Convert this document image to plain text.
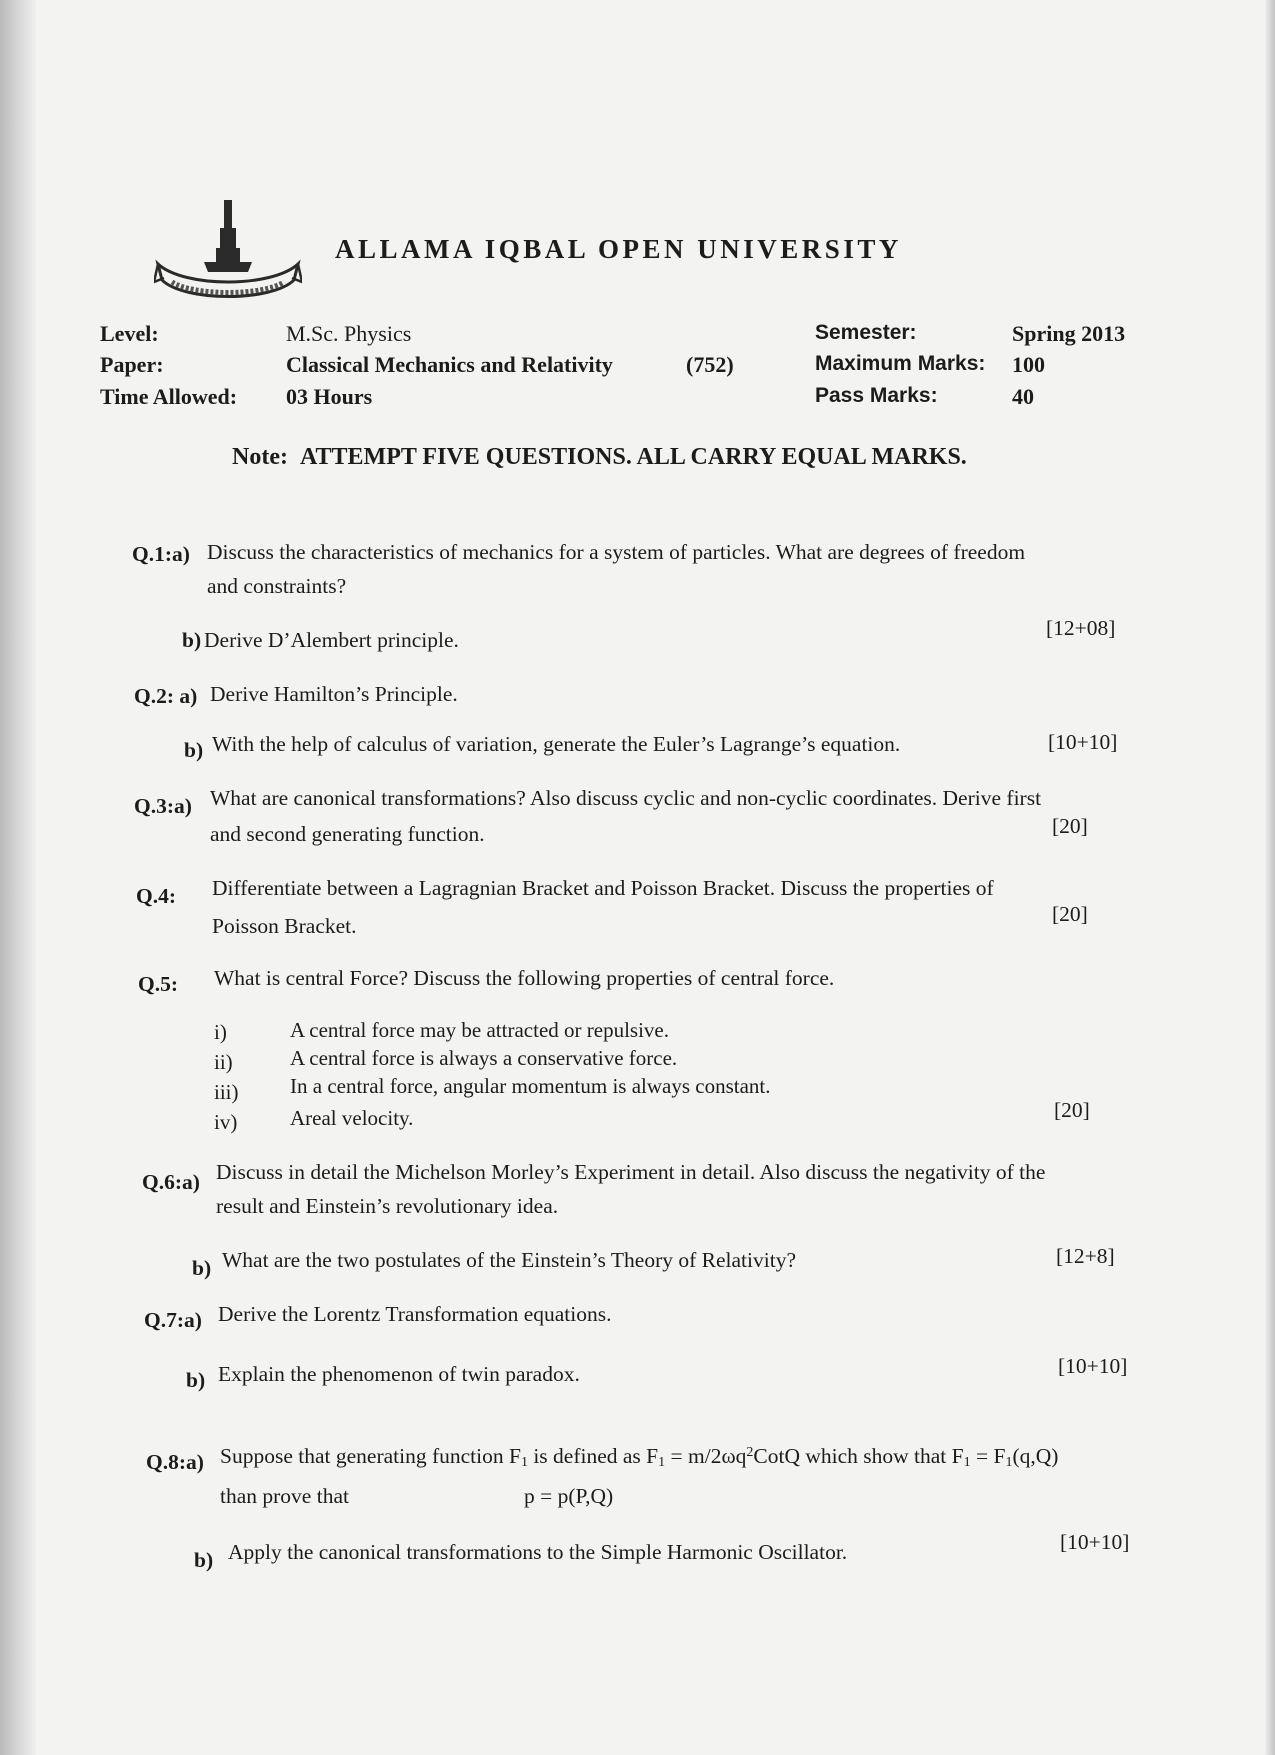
ALLAMA IQBAL OPEN UNIVERSITY
Level:	M.Sc. Physics
Paper:	Classical Mechanics and Relativity	(752)
Time Allowed: 03 Hours
Semester:	Spring 2013
Maximum Marks: 100
Pass Marks:	40
Note: ATTEMPT FIVE QUESTIONS. ALL CARRY EQUAL MARKS.
Q.1:a) Discuss the characteristics of mechanics for a system of particles. What are degrees of freedom
and constraints?
b) Derive D’Alembert principle.	[12+08]
Q.2: a) Derive Hamilton’s Principle.
b) With the help of calculus of variation, generate the Euler’s Lagrange’s equation.	[10+10]
Q.3:a) What are canonical transformations? Also discuss cyclic and non-cyclic coordinates. Derive first
and second generating function.	[20]
Q.4: Differentiate between a Lagragnian Bracket and Poisson Bracket. Discuss the properties of
Poisson Bracket.	[20]
Q.5: What is central Force? Discuss the following properties of central force.
i)	A central force may be attracted or repulsive.
ii)	A central force is always a conservative force.
iii) In a central force, angular momentum is always constant.
iv)	Areal velocity.	[20]
Q.6:a) Discuss in detail the Michelson Morley’s Experiment in detail. Also discuss the negativity of the
result and Einstein’s revolutionary idea.
b) What are the two postulates of the Einstein’s Theory of Relativity?	[12+8]
Q.7:a) Derive the Lorentz Transformation equations.
b) Explain the phenomenon of twin paradox.	[10+10]
Q.8:a) Suppose that generating function $F_1$ is defined as $F_1$ = $m/2\omega q^2CotQ$ which show that $F_1 = F_1(q,Q)$
than prove that	p = p(P,Q)
b) Apply the canonical transformations to the Simple Harmonic Oscillator.	[10+10]
